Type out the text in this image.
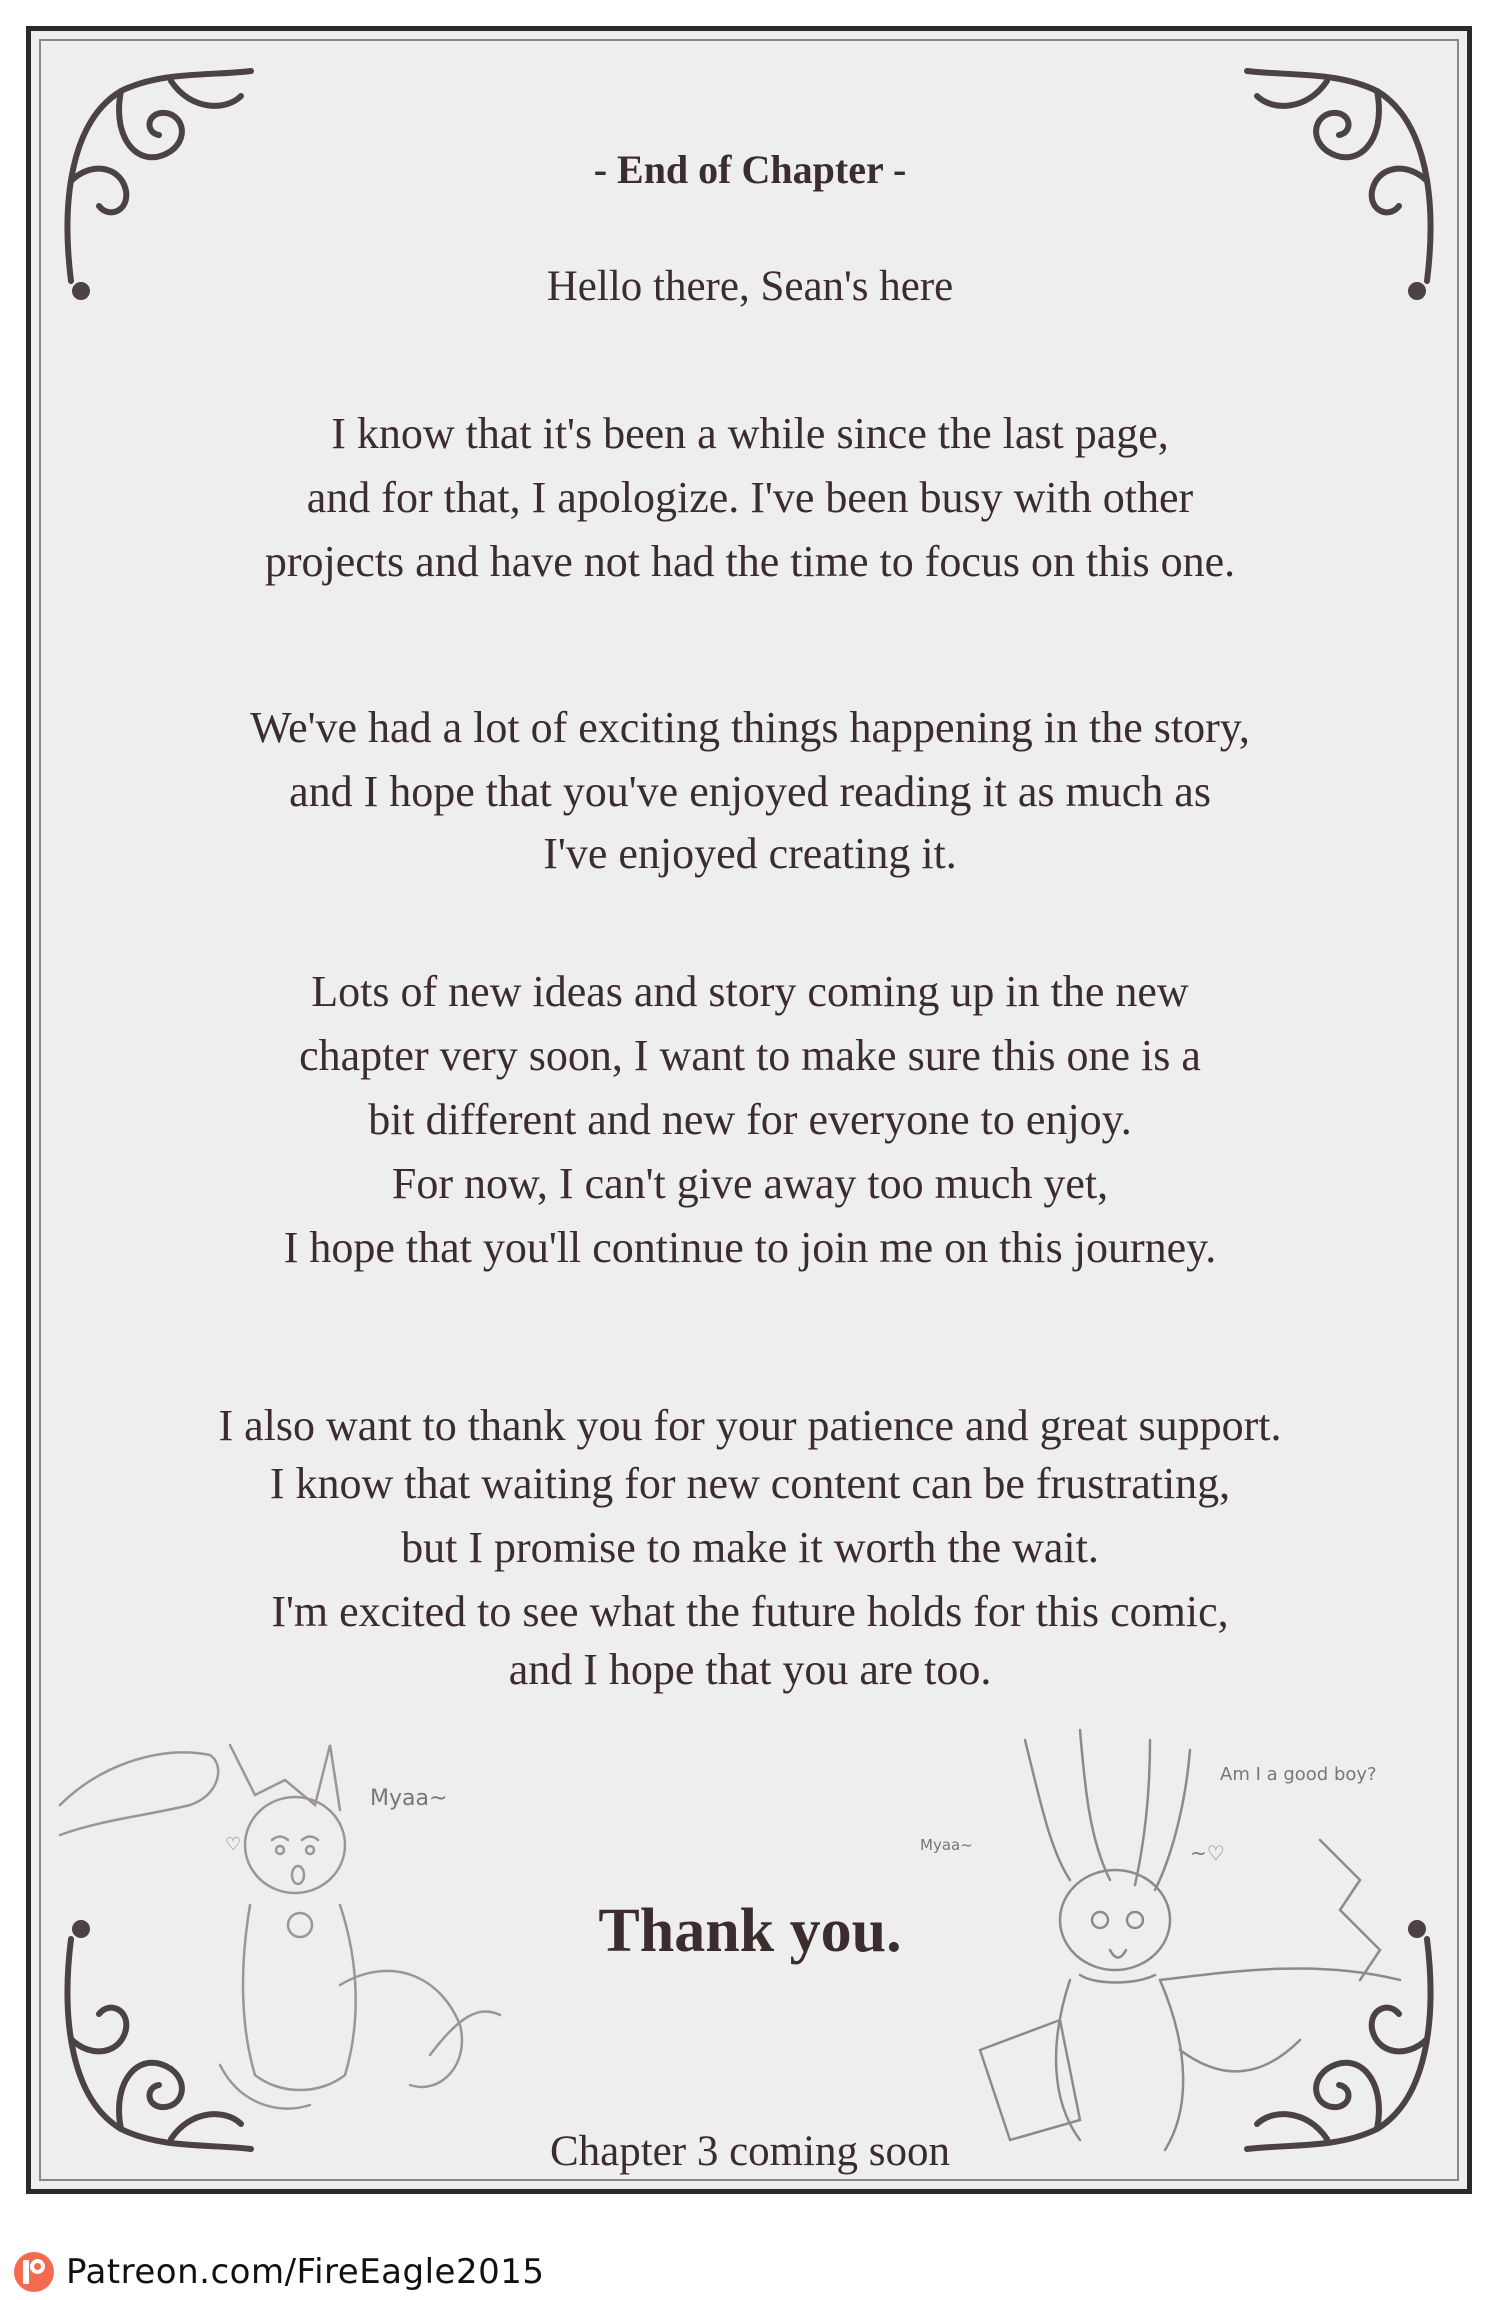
- End of Chapter -
Hello there, Sean's here
I know that it's been a while since the last page,
and for that, I apologize. I've been busy with other
projects and have not had the time to focus on this one.
We've had a lot of exciting things happening in the story,
and I hope that you've enjoyed reading it as much as
I've enjoyed creating it.
Lots of new ideas and story coming up in the new
chapter very soon, I want to make sure this one is a
bit different and new for everyone to enjoy.
For now, I can't give away too much yet,
I hope that you'll continue to join me on this journey.
I also want to thank you for your patience and great support.
I know that waiting for new content can be frustrating,
but I promise to make it worth the wait.
I'm excited to see what the future holds for this comic,
and I hope that you are too.
Myaa~
♡
Am I a good boy?
Myaa~	~♡
Thank you.
Chapter 3 coming soon
Patreon.com/FireEagle2015
